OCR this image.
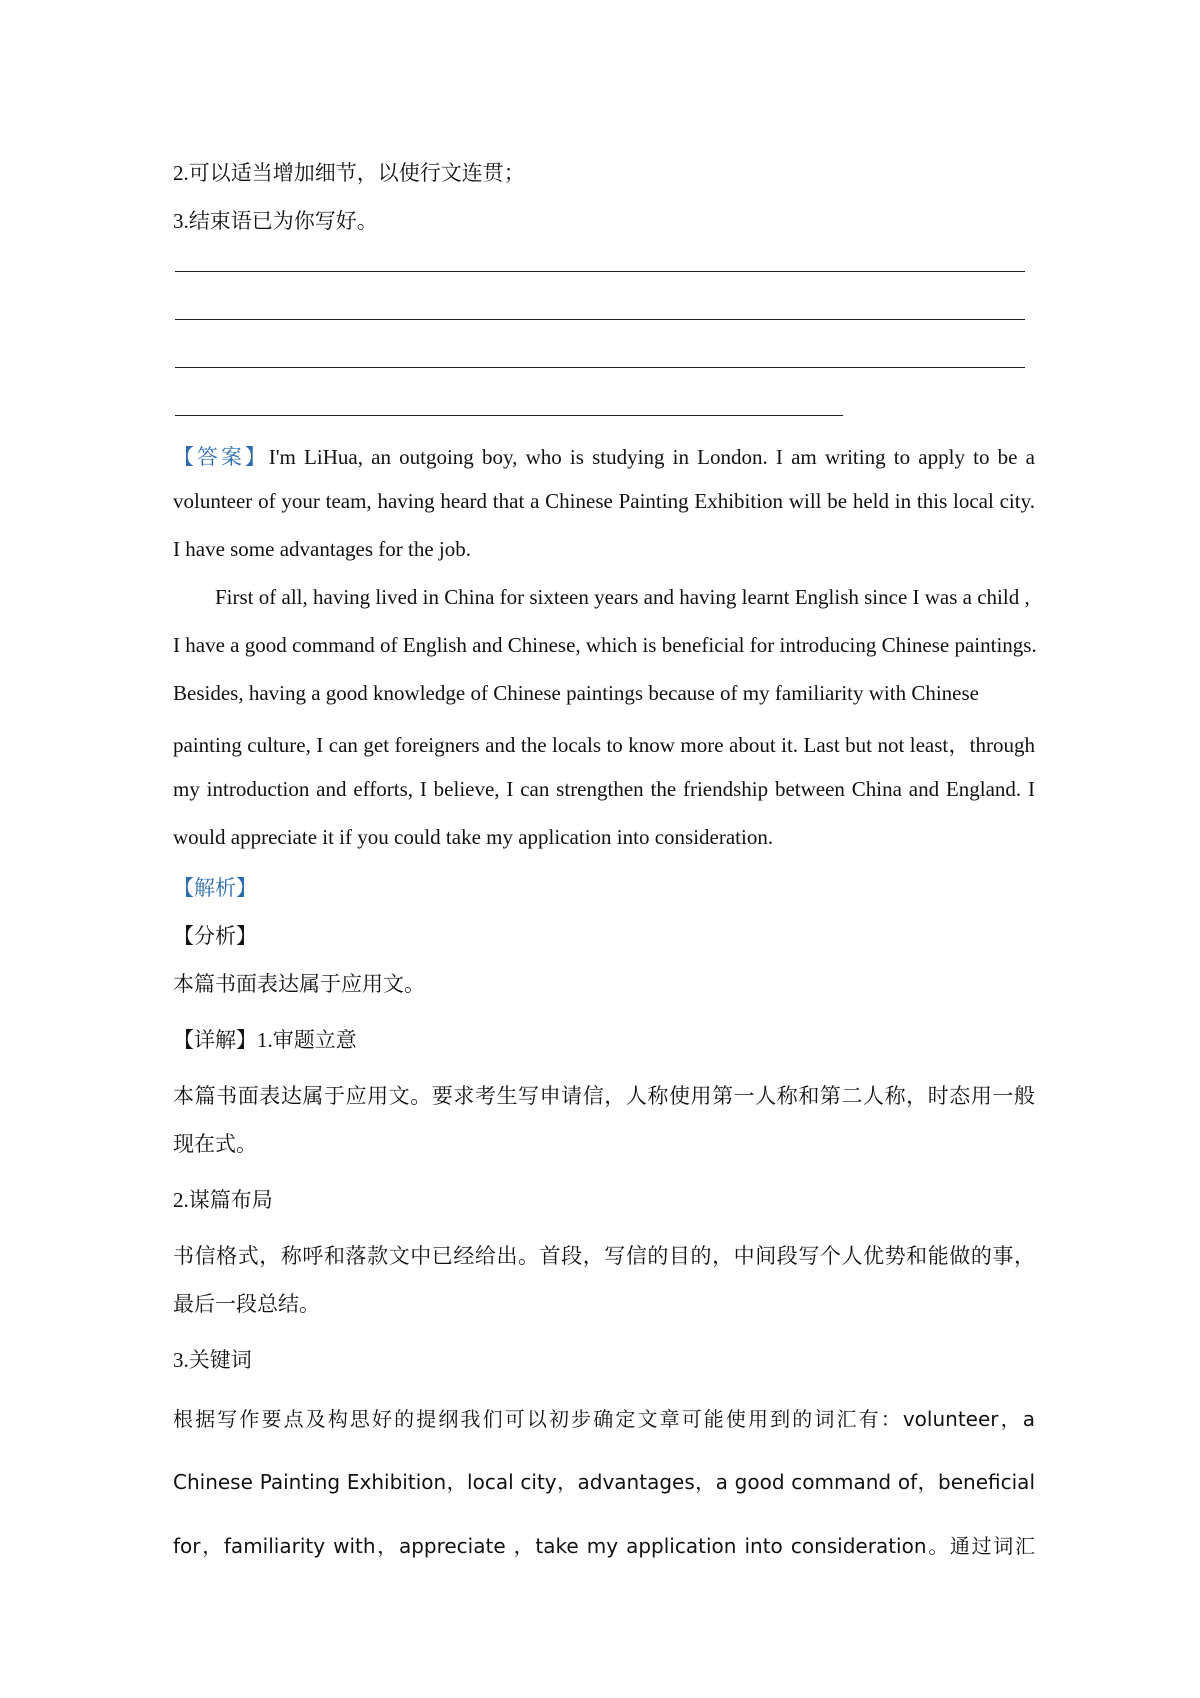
2.可以适当增加细节，以使行文连贯；
3.结束语已为你写好。
【答案】I'm LiHua, an outgoing boy, who is studying in London. I am writing to apply to be a
volunteer of your team, having heard that a Chinese Painting Exhibition will be held in this local city.
I have some advantages for the job.
First of all, having lived in China for sixteen years and having learnt English since I was a child ,
I have a good command of English and Chinese, which is beneficial for introducing Chinese paintings.
Besides, having a good knowledge of Chinese paintings because of my familiarity with Chinese
painting culture, I can get foreigners and the locals to know more about it. Last but not least，through
my introduction and efforts, I believe, I can strengthen the friendship between China and England. I
would appreciate it if you could take my application into consideration.
【解析】
【分析】
本篇书面表达属于应用文。
【详解】1.审题立意
本篇书面表达属于应用文。要求考生写申请信，人称使用第一人称和第二人称，时态用一般
现在式。
2.谋篇布局
书信格式，称呼和落款文中已经给出。首段，写信的目的，中间段写个人优势和能做的事，
最后一段总结。
3.关键词
根据写作要点及构思好的提纲我们可以初步确定文章可能使用到的词汇有：volunteer，a
Chinese Painting Exhibition，local city，advantages，a good command of，beneficial
for，familiarity with，appreciate ，take my application into consideration。通过词汇
